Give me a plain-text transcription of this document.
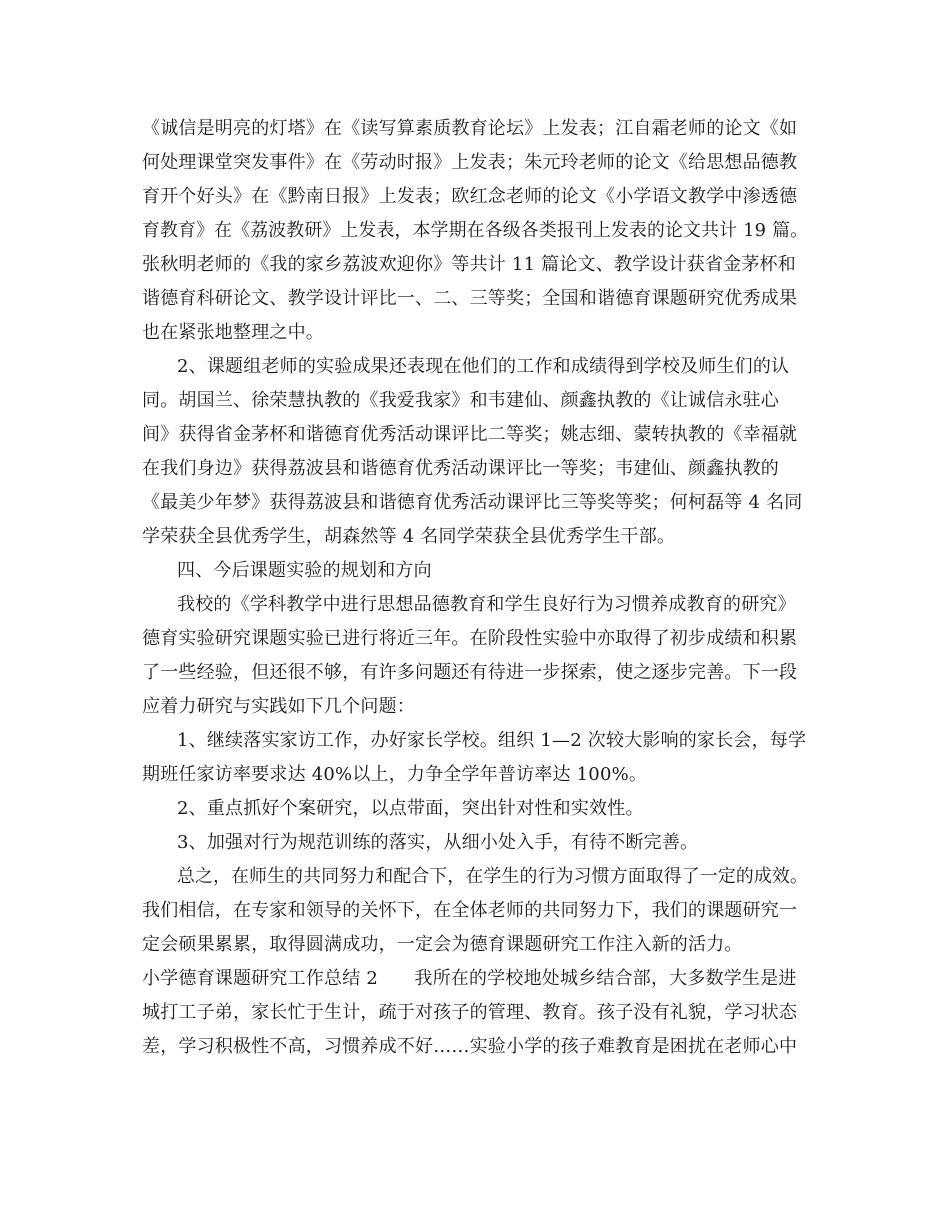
《诚信是明亮的灯塔》在《读写算素质教育论坛》上发表；江自霜老师的论文《如
何处理课堂突发事件》在《劳动时报》上发表；朱元玲老师的论文《给思想品德教
育开个好头》在《黔南日报》上发表；欧红念老师的论文《小学语文教学中渗透德
育教育》在《荔波教研》上发表，本学期在各级各类报刊上发表的论文共计 19 篇。
张秋明老师的《我的家乡荔波欢迎你》等共计 11 篇论文、教学设计获省金茅杯和
谐德育科研论文、教学设计评比一、二、三等奖；全国和谐德育课题研究优秀成果
也在紧张地整理之中。
2、课题组老师的实验成果还表现在他们的工作和成绩得到学校及师生们的认
同。胡国兰、徐荣慧执教的《我爱我家》和韦建仙、颜鑫执教的《让诚信永驻心
间》获得省金茅杯和谐德育优秀活动课评比二等奖；姚志细、蒙转执教的《幸福就
在我们身边》获得荔波县和谐德育优秀活动课评比一等奖；韦建仙、颜鑫执教的
《最美少年梦》获得荔波县和谐德育优秀活动课评比三等奖等奖；何柯磊等 4 名同
学荣获全县优秀学生，胡森然等 4 名同学荣获全县优秀学生干部。
四、今后课题实验的规划和方向
我校的《学科教学中进行思想品德教育和学生良好行为习惯养成教育的研究》
德育实验研究课题实验已进行将近三年。在阶段性实验中亦取得了初步成绩和积累
了一些经验，但还很不够，有许多问题还有待进一步探索，使之逐步完善。下一段
应着力研究与实践如下几个问题：
1、继续落实家访工作，办好家长学校。组织 1—2 次较大影响的家长会，每学
期班任家访率要求达 40%以上，力争全学年普访率达 100%。
2、重点抓好个案研究，以点带面，突出针对性和实效性。
3、加强对行为规范训练的落实，从细小处入手，有待不断完善。
总之，在师生的共同努力和配合下，在学生的行为习惯方面取得了一定的成效。
我们相信，在专家和领导的关怀下，在全体老师的共同努力下，我们的课题研究一
定会硕果累累，取得圆满成功，一定会为德育课题研究工作注入新的活力。
小学德育课题研究工作总结 2　　我所在的学校地处城乡结合部，大多数学生是进
城打工子弟，家长忙于生计，疏于对孩子的管理、教育。孩子没有礼貌，学习状态
差，学习积极性不高，习惯养成不好……实验小学的孩子难教育是困扰在老师心中
